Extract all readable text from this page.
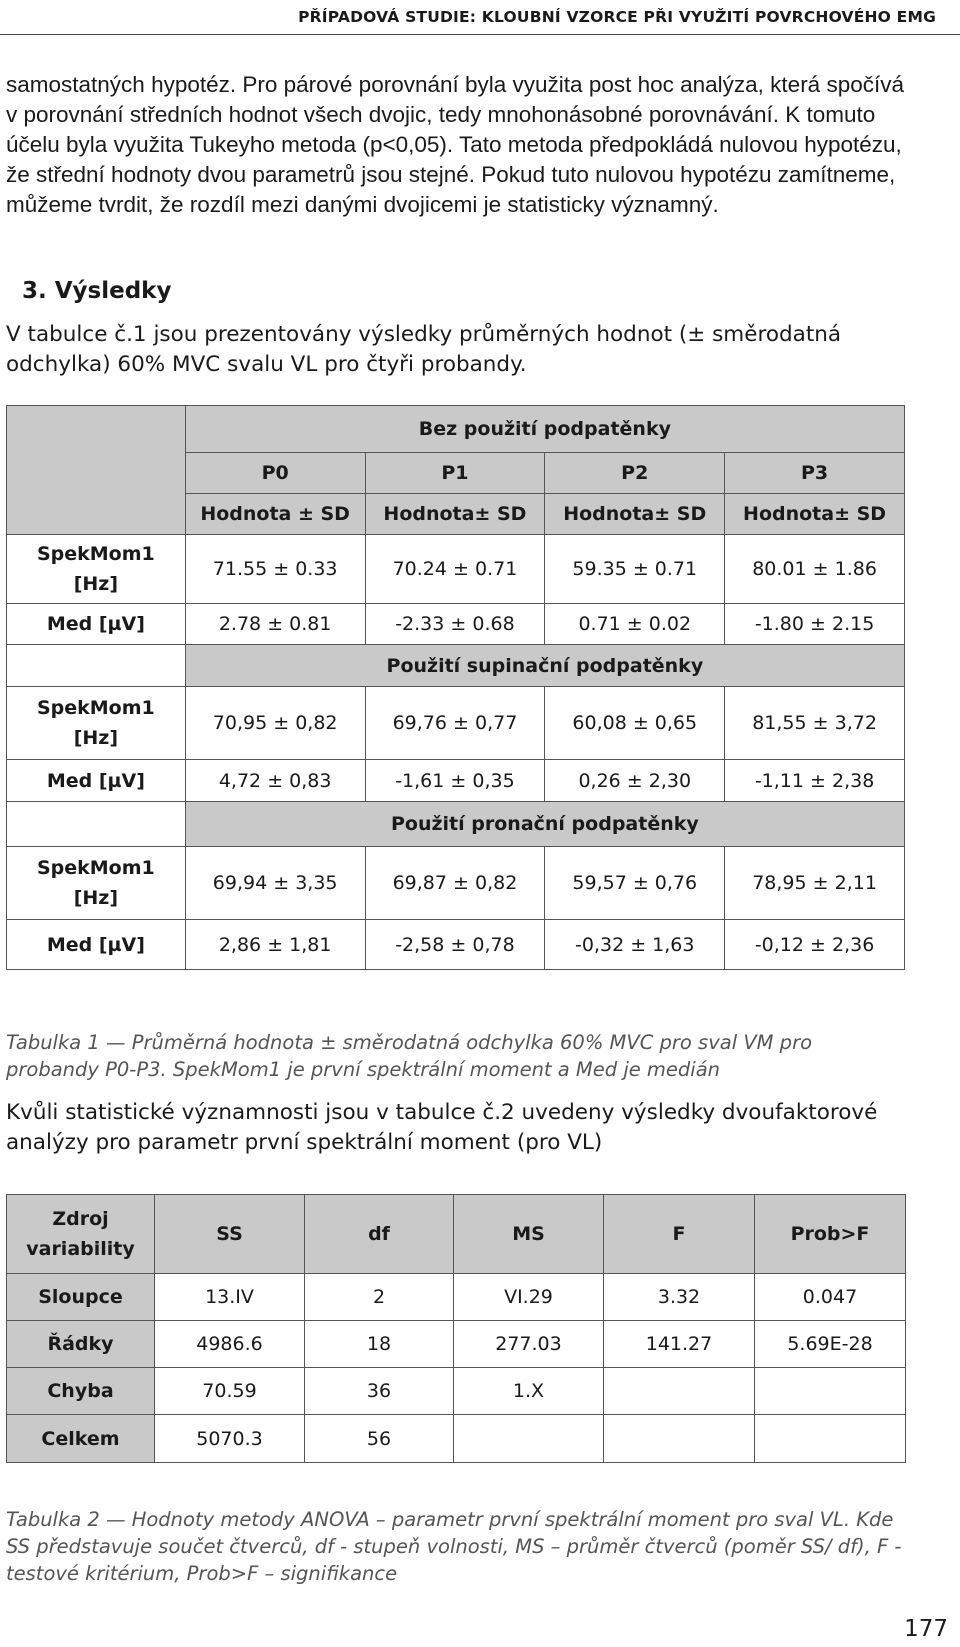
PŘÍPADOVÁ STUDIE: KLOUBNÍ VZORCE PŘI VYUŽITÍ POVRCHOVÉHO EMG
samostatných hypotéz. Pro párové porovnání byla využita post hoc analýza, která spočívá v porovnání středních hodnot všech dvojic, tedy mnohonásobné porovnávání. K tomuto účelu byla využita Tukeyho metoda (p<0,05). Tato metoda předpokládá nulovou hypotézu, že střední hodnoty dvou parametrů jsou stejné. Pokud tuto nulovou hypotézu zamítneme, můžeme tvrdit, že rozdíl mezi danými dvojicemi je statisticky významný.
3. Výsledky
V tabulce č.1 jsou prezentovány výsledky průměrných hodnot (± směrodatná odchylka) 60% MVC svalu VL pro čtyři probandy.
	Bez použití podpatěnky			
	P0	P1	P2	P3
	Hodnota ± SD	Hodnota± SD	Hodnota± SD	Hodnota± SD
SpekMom1
[Hz]	71.55 ± 0.33	70.24 ± 0.71	59.35 ± 0.71	80.01 ± 1.86
Med [µV]	2.78 ± 0.81	-2.33 ± 0.68	0.71 ± 0.02	-1.80 ± 2.15
	Použití supinační podpatěnky			
SpekMom1
[Hz]	70,95 ± 0,82	69,76 ± 0,77	60,08 ± 0,65	81,55 ± 3,72
Med [µV]	4,72 ± 0,83	-1,61 ± 0,35	0,26 ± 2,30	-1,11 ± 2,38
	Použití pronační podpatěnky			
SpekMom1
[Hz]	69,94 ± 3,35	69,87 ± 0,82	59,57 ± 0,76	78,95 ± 2,11
Med [µV]	2,86 ± 1,81	-2,58 ± 0,78	-0,32 ± 1,63	-0,12 ± 2,36
Tabulka 1 — Průměrná hodnota ± směrodatná odchylka 60% MVC pro sval VM pro probandy P0-P3. SpekMom1 je první spektrální moment a Med je medián
Kvůli statistické významnosti jsou v tabulce č.2 uvedeny výsledky dvoufaktorové analýzy pro parametr první spektrální moment (pro VL)
Zdroj
variability	SS	df	MS	F	Prob>F
Sloupce	13.IV	2	VI.29	3.32	0.047
Řádky	4986.6	18	277.03	141.27	5.69E-28
Chyba	70.59	36	1.X		
Celkem	5070.3	56			
Tabulka 2 — Hodnoty metody ANOVA – parametr první spektrální moment pro sval VL. Kde SS představuje součet čtverců, df - stupeň volnosti, MS – průměr čtverců (poměr SS/ df), F - testové kritérium, Prob>F – signifikance
177
